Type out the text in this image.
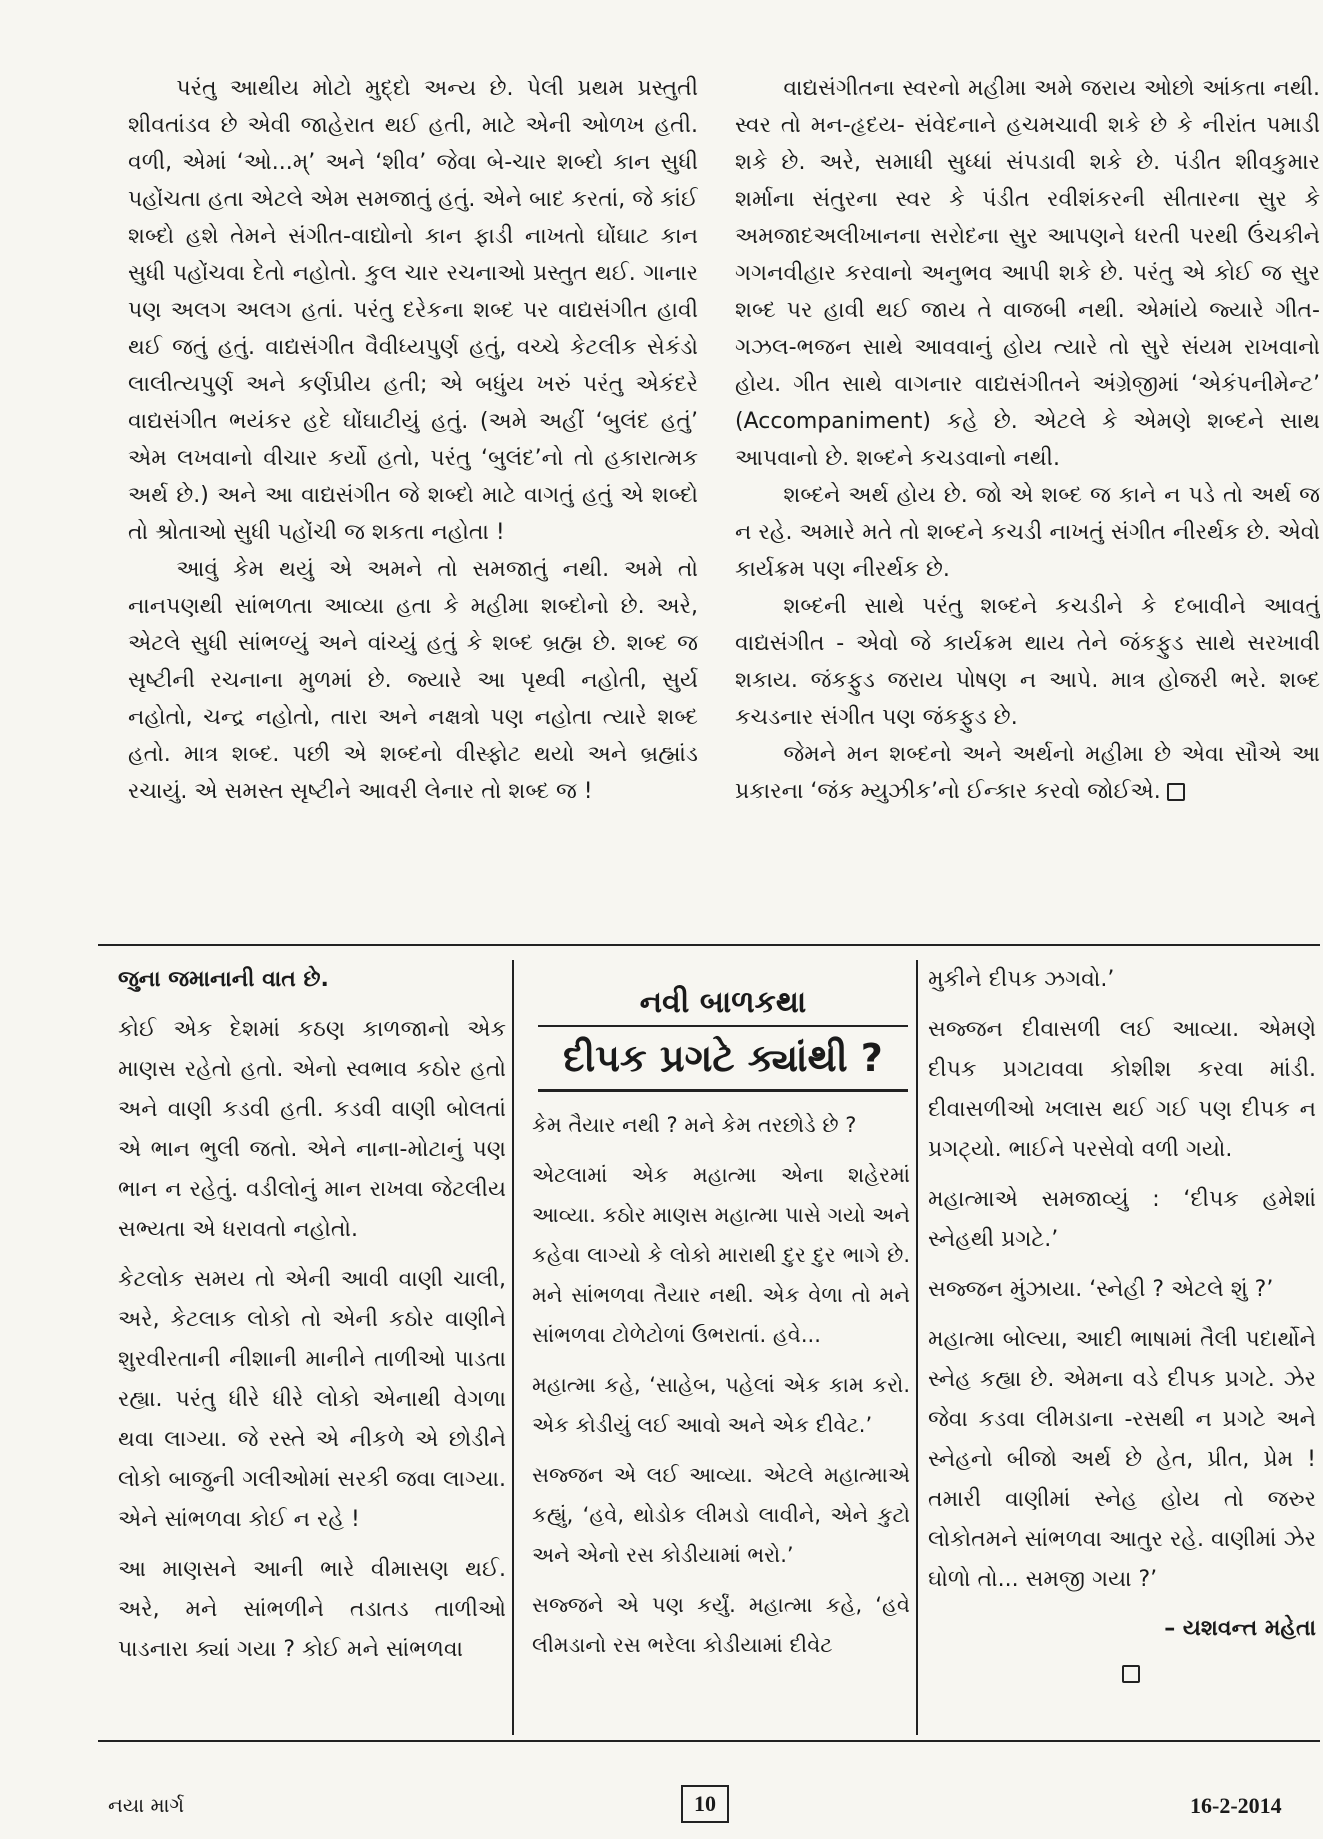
પરંતુ આથીય મોટો મુદ્દો અન્ય છે. પેલી પ્રથમ પ્રસ્તુતી શીવતાંડવ છે એવી જાહેરાત થઈ હતી, માટે એની ઓળખ હતી. વળી, એમાં ‘ઓ...મ્’ અને ‘શીવ’ જેવા બે-ચાર શબ્દો કાન સુધી પહોંચતા હતા એટલે એમ સમજાતું હતું. એને બાદ કરતાં, જે કાંઈ શબ્દો હશે તેમને સંગીત-વાદ્યોનો કાન ફાડી નાખતો ઘોંઘાટ કાન સુધી પહોંચવા દેતો નહોતો. કુલ ચાર રચનાઓ પ્રસ્તુત થઈ. ગાનાર પણ અલગ અલગ હતાં. પરંતુ દરેકના શબ્દ પર વાદ્યસંગીત હાવી થઈ જતું હતું. વાદ્યસંગીત વૈવીધ્યપુર્ણ હતું, વચ્ચે કેટલીક સેકંડો લાલીત્યપુર્ણ અને કર્ણપ્રીય હતી; એ બધુંય ખરું પરંતુ એકંદરે વાદ્યસંગીત ભયંકર હદે ઘોંઘાટીયું હતું. (અમે અહીં ‘બુલંદ હતું’ એમ લખવાનો વીચાર કર્યો હતો, પરંતુ ‘બુલંદ’નો તો હકારાત્મક અર્થ છે.) અને આ વાદ્યસંગીત જે શબ્દો માટે વાગતું હતું એ શબ્દો તો શ્રોતાઓ સુધી પહોંચી જ શકતા નહોતા !

આવું કેમ થયું એ અમને તો સમજાતું નથી. અમે તો નાનપણથી સાંભળતા આવ્યા હતા કે મહીમા શબ્દોનો છે. અરે, એટલે સુધી સાંભળ્યું અને વાંચ્યું હતું કે શબ્દ બ્રહ્મ છે. શબ્દ જ સૃષ્ટીની રચનાના મુળમાં છે. જ્યારે આ પૃથ્વી નહોતી, સુર્ય નહોતો, ચન્દ્ર નહોતો, તારા અને નક્ષત્રો પણ નહોતા ત્યારે શબ્દ હતો. માત્ર શબ્દ. પછી એ શબ્દનો વીસ્ફોટ થયો અને બ્રહ્માંડ રચાયું. એ સમસ્ત સૃષ્ટીને આવરી લેનાર તો શબ્દ જ !

વાદ્યસંગીતના સ્વરનો મહીમા અમે જરાય ઓછો આંકતા નથી. સ્વર તો મન-હૃદય- સંવેદનાને હચમચાવી શકે છે કે નીરાંત પમાડી શકે છે. અરે, સમાધી સુધ્ધાં સંપડાવી શકે છે. પંડીત શીવકુમાર શર્માના સંતુરના સ્વર કે પંડીત રવીશંકરની સીતારના સુર કે અમજાદઅલીખાનના સરોદના સુર આપણને ધરતી પરથી ઉંચકીને ગગનવીહાર કરવાનો અનુભવ આપી શકે છે. પરંતુ એ કોઈ જ સુર શબ્દ પર હાવી થઈ જાય તે વાજબી નથી. એમાંયે જ્યારે ગીત-ગઝલ-ભજન સાથે આવવાનું હોય ત્યારે તો સુરે સંયમ રાખવાનો હોય. ગીત સાથે વાગનાર વાદ્યસંગીતને અંગ્રેજીમાં ‘એકંપનીમેન્ટ’ (Accompaniment) કહે છે. એટલે કે એમણે શબ્દને સાથ આપવાનો છે. શબ્દને કચડવાનો નથી.

શબ્દને અર્થ હોય છે. જો એ શબ્દ જ કાને ન પડે તો અર્થ જ ન રહે. અમારે મતે તો શબ્દને કચડી નાખતું સંગીત નીરર્થક છે. એવો કાર્યક્રમ પણ નીરર્થક છે.

શબ્દની સાથે પરંતુ શબ્દને કચડીને કે દબાવીને આવતું વાદ્યસંગીત - એવો જે કાર્યક્રમ થાય તેને જંકફુડ સાથે સરખાવી શકાય. જંકફુડ જરાય પોષણ ન આપે. માત્ર હોજરી ભરે. શબ્દ કચડનાર સંગીત પણ જંકફુડ છે.

જેમને મન શબ્દનો અને અર્થનો મહીમા છે એવા સૌએ આ પ્રકારના ‘જંક મ્યુઝીક’નો ઈન્કાર કરવો જોઈએ.

જુના જમાનાની વાત છે.

કોઈ એક દેશમાં કઠણ કાળજાનો એક માણસ રહેતો હતો. એનો સ્વભાવ કઠોર હતો અને વાણી કડવી હતી. કડવી વાણી બોલતાં એ ભાન ભુલી જતો. એને નાના-મોટાનું પણ ભાન ન રહેતું. વડીલોનું માન રાખવા જેટલીય સભ્યતા એ ધરાવતો નહોતો.

કેટલોક સમય તો એની આવી વાણી ચાલી, અરે, કેટલાક લોકો તો એની કઠોર વાણીને શુરવીરતાની નીશાની માનીને તાળીઓ પાડતા રહ્યા. પરંતુ ધીરે ધીરે લોકો એનાથી વેગળા થવા લાગ્યા. જે રસ્તે એ નીકળે એ છોડીને લોકો બાજુની ગલીઓમાં સરકી જવા લાગ્યા. એને સાંભળવા કોઈ ન રહે !

આ માણસને આની ભારે વીમાસણ થઈ. અરે, મને સાંભળીને તડાતડ તાળીઓ પાડનારા ક્યાં ગયા ? કોઈ મને સાંભળવા

નવી બાળકથા
દીપક પ્રગટે ક્યાંથી ?

કેમ તૈયાર નથી ? મને કેમ તરછોડે છે ?

એટલામાં એક મહાત્મા એના શહેરમાં આવ્યા. કઠોર માણસ મહાત્મા પાસે ગયો અને કહેવા લાગ્યો કે લોકો મારાથી દુર દુર ભાગે છે. મને સાંભળવા તૈયાર નથી. એક વેળા તો મને સાંભળવા ટોળેટોળાં ઉભરાતાં. હવે...

મહાત્મા કહે, ‘સાહેબ, પહેલાં એક કામ કરો. એક કોડીયું લઈ આવો અને એક દીવેટ.’

સજ્જન એ લઈ આવ્યા. એટલે મહાત્માએ કહ્યું, ‘હવે, થોડોક લીમડો લાવીને, એને કુટો અને એનો રસ કોડીયામાં ભરો.’

સજ્જને એ પણ કર્યું. મહાત્મા કહે, ‘હવે લીમડાનો રસ ભરેલા કોડીયામાં દીવેટ

મુકીને દીપક ઝગવો.’

સજ્જન દીવાસળી લઈ આવ્યા. એમણે દીપક પ્રગટાવવા કોશીશ કરવા માંડી. દીવાસળીઓ ખલાસ થઈ ગઈ પણ દીપક ન પ્રગટ્યો. ભાઈને પરસેવો વળી ગયો.

મહાત્માએ સમજાવ્યું : ‘દીપક હમેશાં સ્નેહથી પ્રગટે.’

સજ્જન મુંઝાયા. ‘સ્નેહી ? એટલે શું ?’

મહાત્મા બોલ્યા, આદી ભાષામાં તૈલી પદાર્થોને સ્નેહ કહ્યા છે. એમના વડે દીપક પ્રગટે. ઝેર જેવા કડવા લીમડાના -રસથી ન પ્રગટે અને સ્નેહનો બીજો અર્થ છે હેત, પ્રીત, પ્રેમ ! તમારી વાણીમાં સ્નેહ હોય તો જરુર લોકોતમને સાંભળવા આતુર રહે. વાણીમાં ઝેર ઘોળો તો... સમજી ગયા ?’

– યશવન્ત મહેતા
નયા માર્ગ	10	16-2-2014
